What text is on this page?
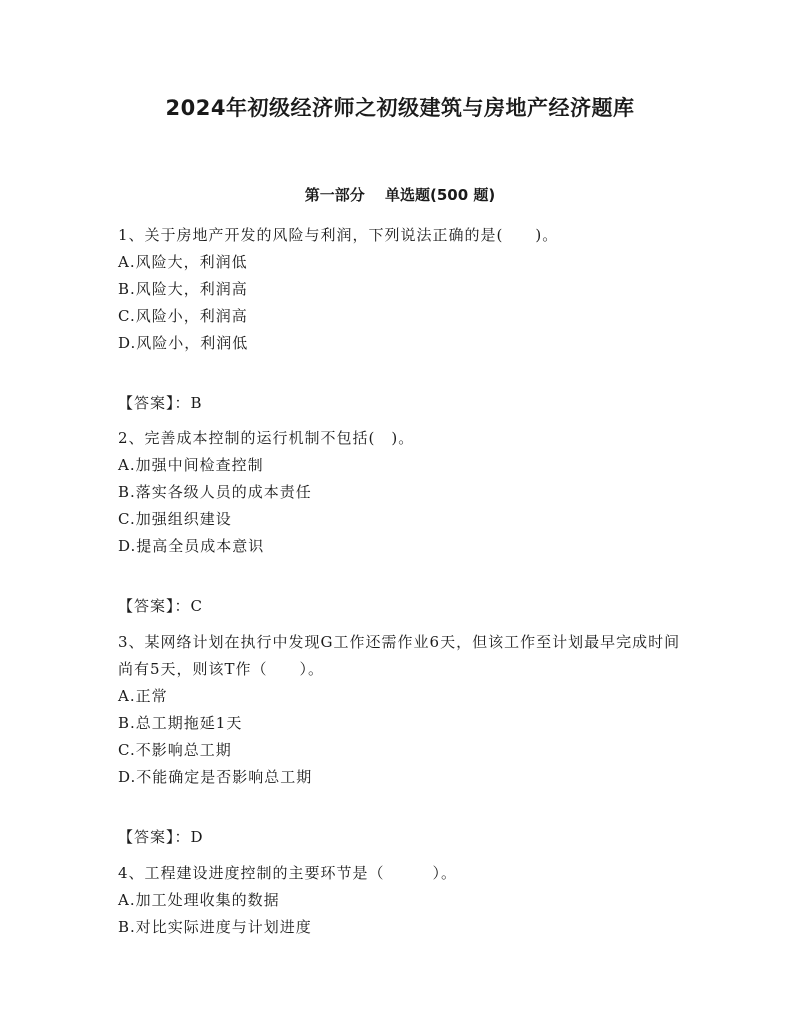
2024年初级经济师之初级建筑与房地产经济题库
第一部分　 单选题(500 题)

1、关于房地产开发的风险与利润，下列说法正确的是(　　)。

A.风险大，利润低

B.风险大，利润高

C.风险小，利润高

D.风险小，利润低

【答案】：B

2、完善成本控制的运行机制不包括(　)。

A.加强中间检查控制

B.落实各级人员的成本责任

C.加强组织建设

D.提高全员成本意识

【答案】：C

3、某网络计划在执行中发现G工作还需作业6天，但该工作至计划最早完成时间尚有5天，则该T作（　　）。

A.正常

B.总工期拖延1天

C.不影响总工期

D.不能确定是否影响总工期

【答案】：D

4、工程建设进度控制的主要环节是（　　　）。

A.加工处理收集的数据

B.对比实际进度与计划进度
